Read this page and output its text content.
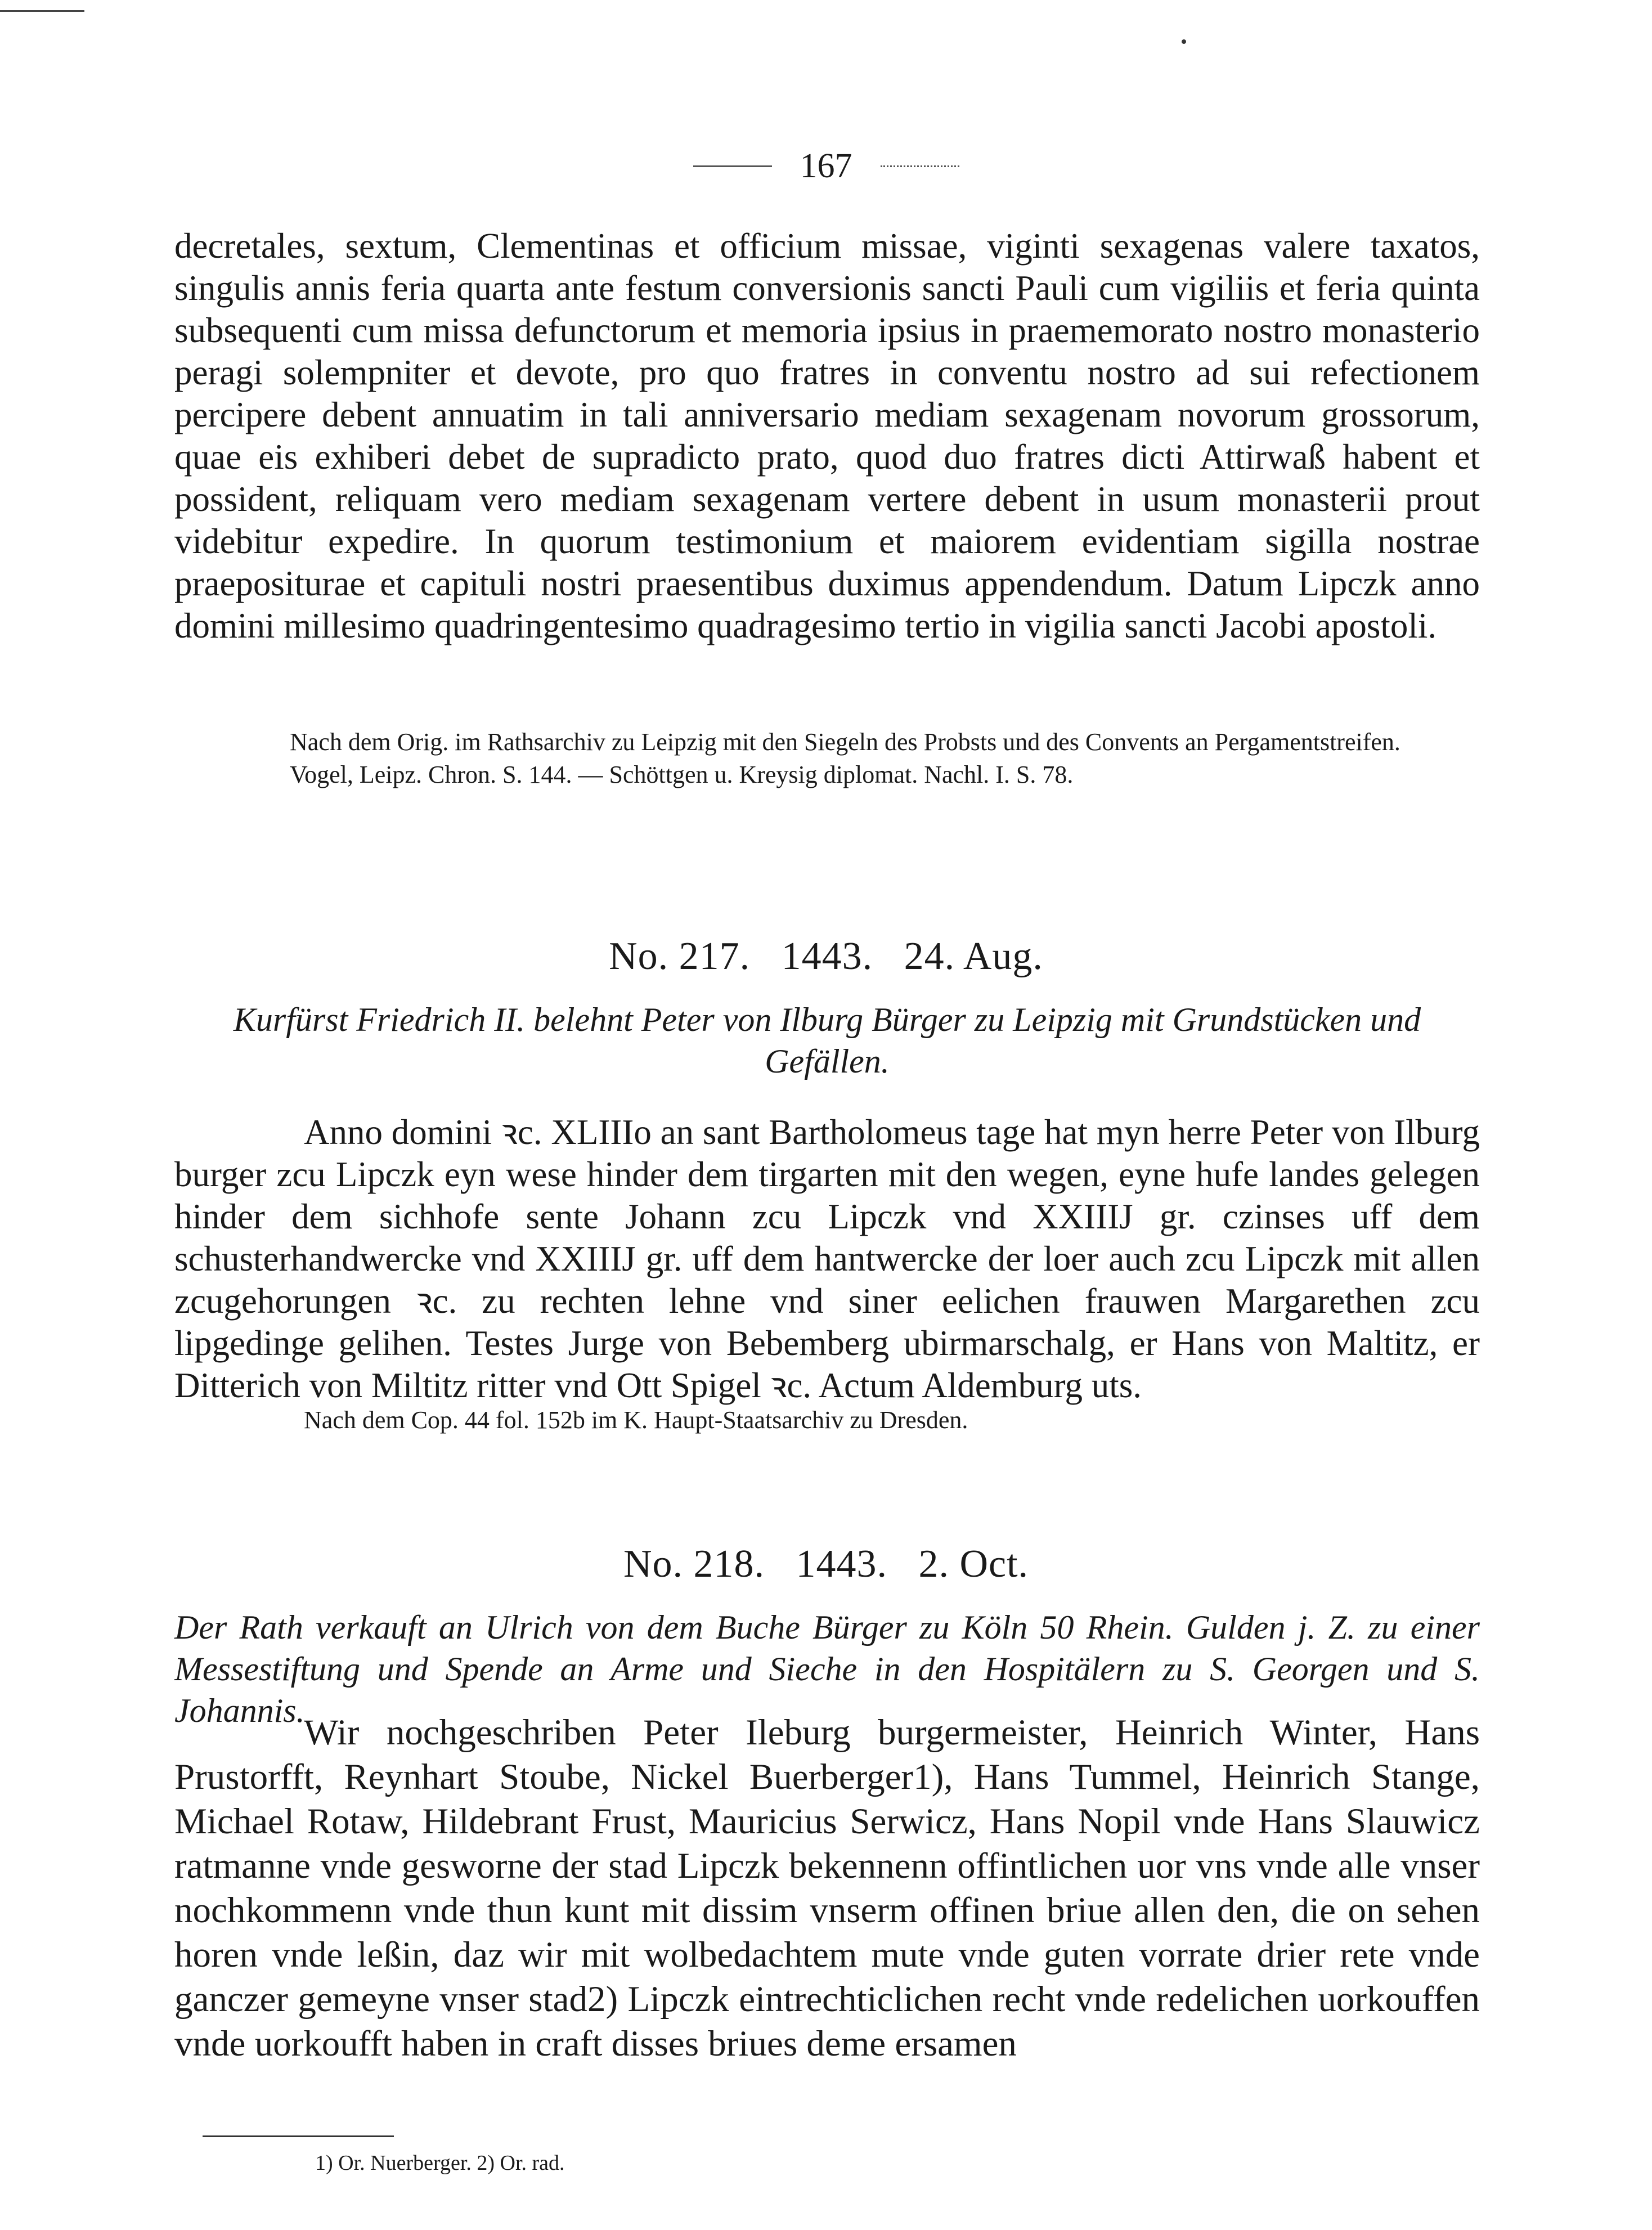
167

decretales, sextum, Clementinas et officium missae, viginti sexagenas valere taxatos, singulis annis feria quarta ante festum conversionis sancti Pauli cum vigiliis et feria quinta subsequenti cum missa defunctorum et memoria ipsius in praememorato nostro monasterio peragi solempniter et devote, pro quo fratres in conventu nostro ad sui refectionem percipere debent annuatim in tali anniversario mediam sexagenam novorum grossorum, quae eis exhiberi debet de supradicto prato, quod duo fratres dicti Attirwaß habent et possident, reliquam vero mediam sexagenam vertere debent in usum monasterii prout videbitur expedire. In quorum testimonium et maiorem evidentiam sigilla nostrae praepositurae et capituli nostri praesentibus duximus appendendum. Datum Lipczk anno domini millesimo quadringentesimo quadragesimo tertio in vigilia sancti Jacobi apostoli.

Nach dem Orig. im Rathsarchiv zu Leipzig mit den Siegeln des Probsts und des Convents an Pergamentstreifen.

Vogel, Leipz. Chron. S. 144. — Schöttgen u. Kreysig diplomat. Nachl. I. S. 78.

No. 217.   1443.   24. Aug.
Kurfürst Friedrich II. belehnt Peter von Ilburg Bürger zu Leipzig mit Grundstücken und Gefällen.

Anno domini ꝛc. XLIIIo an sant Bartholomeus tage hat myn herre Peter von Ilburg burger zcu Lipczk eyn wese hinder dem tirgarten mit den wegen, eyne hufe landes gelegen hinder dem sichhofe sente Johann zcu Lipczk vnd XXIIIJ gr. czinses uff dem schusterhandwercke vnd XXIIIJ gr. uff dem hantwercke der loer auch zcu Lipczk mit allen zcugehorungen ꝛc. zu rechten lehne vnd siner eelichen frauwen Margarethen zcu lipgedinge gelihen. Testes Jurge von Bebemberg ubirmarschalg, er Hans von Maltitz, er Ditterich von Miltitz ritter vnd Ott Spigel ꝛc. Actum Aldemburg uts.

Nach dem Cop. 44 fol. 152b im K. Haupt-Staatsarchiv zu Dresden.

No. 218.   1443.   2. Oct.
Der Rath verkauft an Ulrich von dem Buche Bürger zu Köln 50 Rhein. Gulden j. Z. zu einer Messestiftung und Spende an Arme und Sieche in den Hospitälern zu S. Georgen und S. Johannis.

Wir nochgeschriben Peter Ileburg burgermeister, Heinrich Winter, Hans Prustorfft, Reynhart Stoube, Nickel Buerberger1), Hans Tummel, Heinrich Stange, Michael Rotaw, Hildebrant Frust, Mauricius Serwicz, Hans Nopil vnde Hans Slauwicz ratmanne vnde gesworne der stad Lipczk bekennenn offintlichen uor vns vnde alle vnser nochkommenn vnde thun kunt mit dissim vnserm offinen briue allen den, die on sehen horen vnde leßin, daz wir mit wolbedachtem mute vnde guten vorrate drier rete vnde ganczer gemeyne vnser stad2) Lipczk eintrechticlichen recht vnde redelichen uorkouffen vnde uorkoufft haben in craft disses briues deme ersamen

1) Or. Nuerberger. 2) Or. rad.
